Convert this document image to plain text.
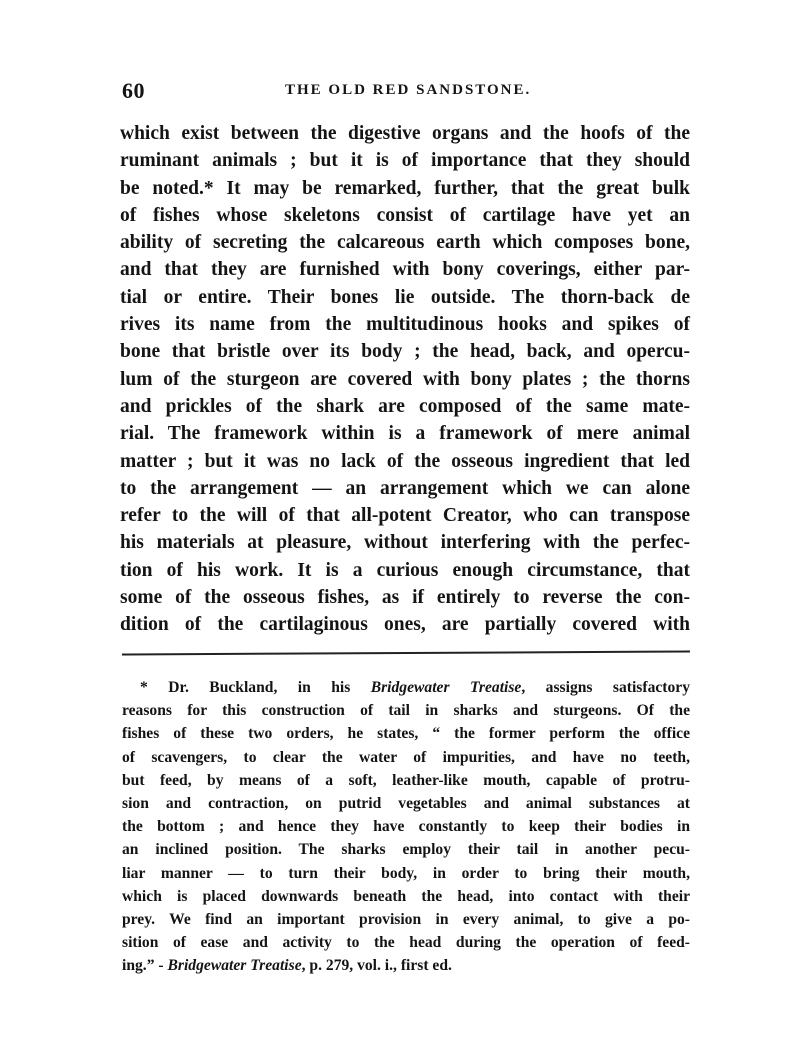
60	THE OLD RED SANDSTONE.
which exist between the digestive organs and the hoofs of the
ruminant animals ; but it is of importance that they should
be noted.* It may be remarked, further, that the great bulk
of fishes whose skeletons consist of cartilage have yet an
ability of secreting the calcareous earth which composes bone,
and that they are furnished with bony coverings, either par-
tial or entire. Their bones lie outside. The thorn-back de
rives its name from the multitudinous hooks and spikes of
bone that bristle over its body ; the head, back, and opercu-
lum of the sturgeon are covered with bony plates ; the thorns
and prickles of the shark are composed of the same mate-
rial. The framework within is a framework of mere animal
matter ; but it was no lack of the osseous ingredient that led
to the arrangement — an arrangement which we can alone
refer to the will of that all-potent Creator, who can transpose
his materials at pleasure, without interfering with the perfec-
tion of his work. It is a curious enough circumstance, that
some of the osseous fishes, as if entirely to reverse the con-
dition of the cartilaginous ones, are partially covered with
* Dr. Buckland, in his Bridgewater Treatise, assigns satisfactory
reasons for this construction of tail in sharks and sturgeons. Of the
fishes of these two orders, he states, “ the former perform the office
of scavengers, to clear the water of impurities, and have no teeth,
but feed, by means of a soft, leather-like mouth, capable of protru-
sion and contraction, on putrid vegetables and animal substances at
the bottom ; and hence they have constantly to keep their bodies in
an inclined position. The sharks employ their tail in another pecu-
liar manner — to turn their body, in order to bring their mouth,
which is placed downwards beneath the head, into contact with their
prey. We find an important provision in every animal, to give a po-
sition of ease and activity to the head during the operation of feed-
ing.” - Bridgewater Treatise, p. 279, vol. i., first ed.
